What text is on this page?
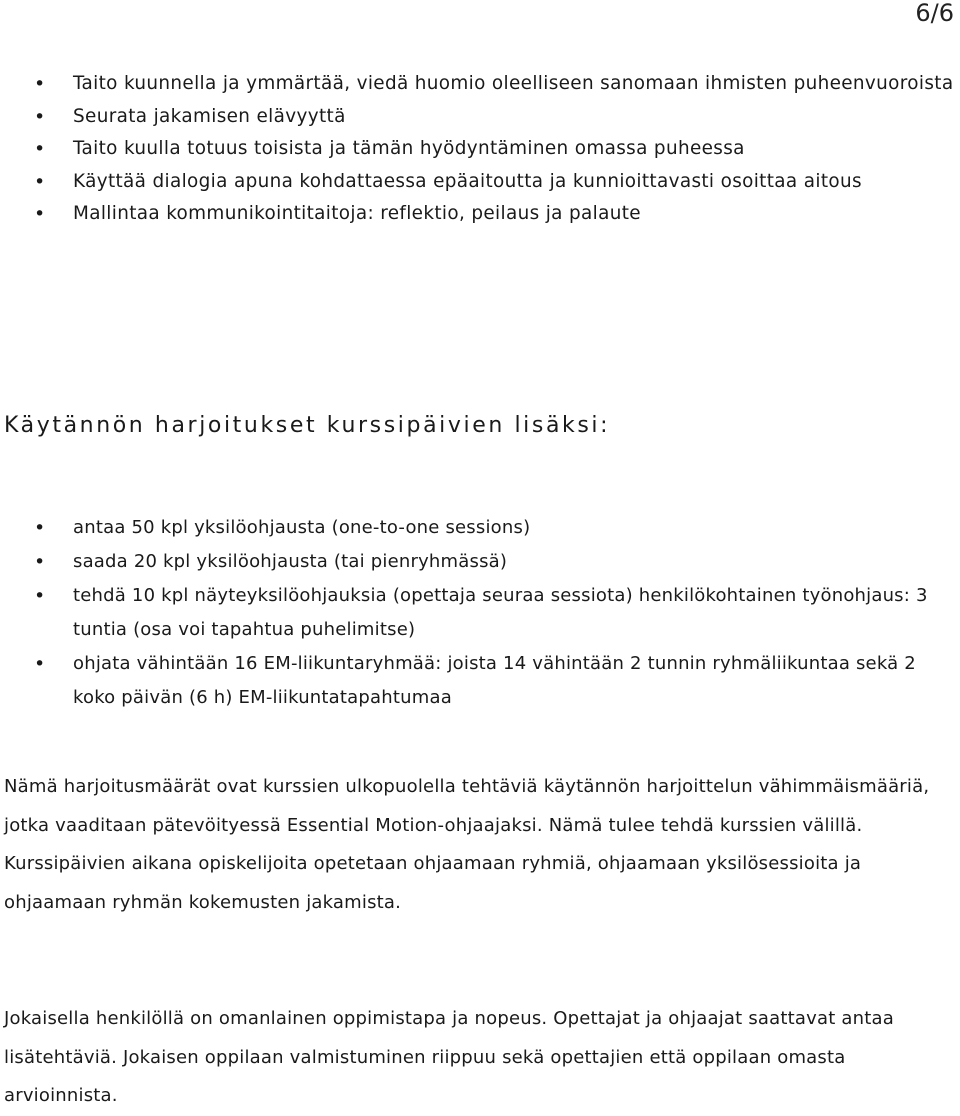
6/6
• Taito kuunnella ja ymmärtää, viedä huomio oleelliseen sanomaan ihmisten puheenvuoroista
• Seurata jakamisen elävyyttä
• Taito kuulla totuus toisista ja tämän hyödyntäminen omassa puheessa
• Käyttää dialogia apuna kohdattaessa epäaitoutta ja kunnioittavasti osoittaa aitous
• Mallintaa kommunikointitaitoja: reflektio, peilaus ja palaute
Käytännön harjoitukset kurssipäivien lisäksi:
• antaa 50 kpl yksilöohjausta (one-to-one sessions)
• saada 20 kpl yksilöohjausta (tai pienryhmässä)
• tehdä 10 kpl näyteyksilöohjauksia (opettaja seuraa sessiota) henkilökohtainen työnohjaus: 3 tuntia (osa voi tapahtua puhelimitse)
• ohjata vähintään 16 EM-liikuntaryhmää: joista 14 vähintään 2 tunnin ryhmäliikuntaa sekä 2 koko päivän (6 h) EM-liikuntatapahtumaa

Nämä harjoitusmäärät ovat kurssien ulkopuolella tehtäviä käytännön harjoittelun vähimmäismääriä, jotka vaaditaan pätevöityessä Essential Motion-ohjaajaksi. Nämä tulee tehdä kurssien välillä. Kurssipäivien aikana opiskelijoita opetetaan ohjaamaan ryhmiä, ohjaamaan yksilösessioita ja ohjaamaan ryhmän kokemusten jakamista.

Jokaisella henkilöllä on omanlainen oppimistapa ja nopeus. Opettajat ja ohjaajat saattavat antaa lisätehtäviä. Jokaisen oppilaan valmistuminen riippuu sekä opettajien että oppilaan omasta arvioinnista.
